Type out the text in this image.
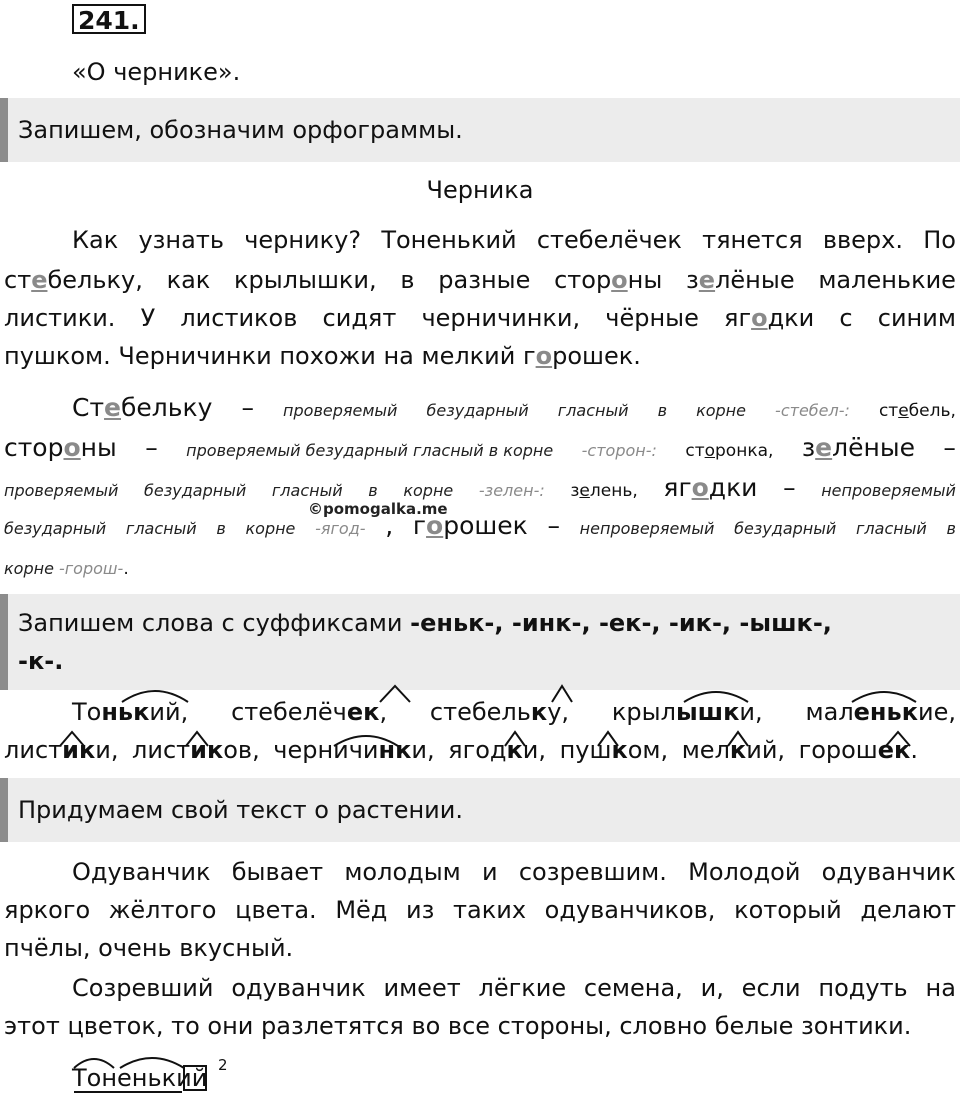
241.
«О чернике».
Запишем, обозначим орфограммы.
Черника
Как узнать чернику? Тоненький стебелёчек тянется вверх. По
стебельку, как крылышки, в разные стороны зелёные маленькие
листики. У листиков сидят черничинки, чёрные ягодки с синим
пушком. Черничинки похожи на мелкий горошек.
Стебельку – проверяемый безударный гласный в корне -стебел-: стебель,
стороны – проверяемый безударный гласный в корне -сторон-: сторонка, зелёные –
проверяемый безударный гласный в корне -зелен-: зелень, ягодки – непроверяемый
©pomogalka.me
безударный гласный в корне -ягод- , горошек – непроверяемый безударный гласный в
корне -горош-.
Запишем слова с суффиксами -еньк-, -инк-, -ек-, -ик-, -ышк-,
-к-.
Тонький, стебелёчек, стебельку, крылышки, маленькие,
листики, листиков, черничинки, ягодки, пушком, мелкий, горошек.
Придумаем свой текст о растении.
Одуванчик бывает молодым и созревшим. Молодой одуванчик
яркого жёлтого цвета. Мёд из таких одуванчиков, который делают
пчёлы, очень вкусный.
Созревший одуванчик имеет лёгкие семена, и, если подуть на
этот цветок, то они разлетятся во все стороны, словно белые зонтики.
Тоненький 2
